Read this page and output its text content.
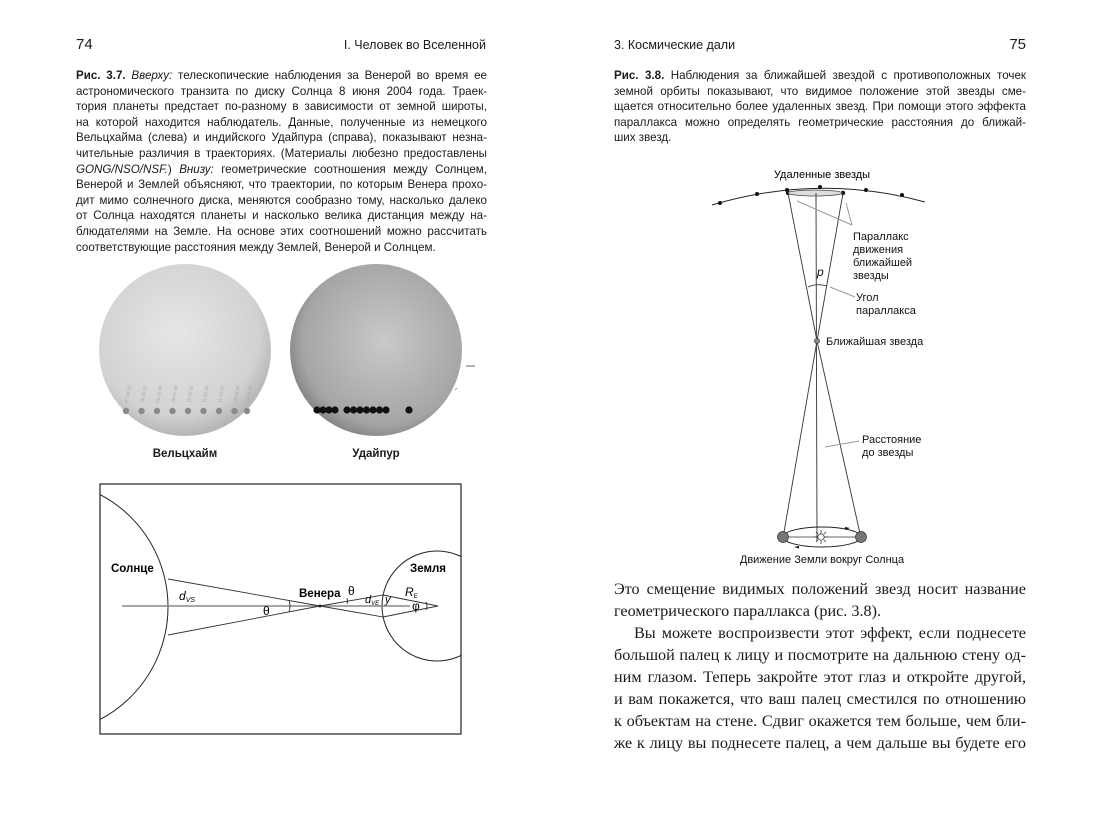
74	I. Человек во Вселенной
Рис. 3.7. Вверху: телескопические наблюдения за Венерой во время ее
астрономического транзита по диску Солнца 8 июня 2004 года. Траек-
тория планеты предстает по-разному в зависимости от земной широты,
на которой находится наблюдатель. Данные, полученные из немецкого
Вельцхайма (слева) и индийского Удайпура (справа), показывают незна-
чительные различия в траекториях. (Материалы любезно предоставлены
GONG/NSO/NSF.) Внизу: геометрические соотношения между Солнцем,
Венерой и Землей объясняют, что траектории, по которым Венера прохо-
дит мимо солнечного диска, меняются сообразно тому, насколько далеко
от Солнца находятся планеты и насколько велика дистанция между на-
блюдателями на Земле. На основе этих соотношений можно рассчитать
соответствующие расстояния между Землей, Венерой и Солнцем.
07:39:10 08:20:41 09:00:45 09:41:40 10:22:35 11:03:39 11:43:43 12:25:46 13:04:00
Вельцхайм	Удайпур
Солнце	Земля
Венера
dVS
θ
θ
dVE y
RE
φ
Удаленные звезды
Параллакс
движения
ближайшей
звезды
p
Угол
параллакса
Ближайшая звезда
Расстояние
до звезды
Движение Земли вокруг Солнца
3. Космические дали	75
Рис. 3.8. Наблюдения за ближайшей звездой с противоположных точек
земной орбиты показывают, что видимое положение этой звезды сме-
щается относительно более удаленных звезд. При помощи этого эффекта
параллакса можно определять геометрические расстояния до ближай-
ших звезд.
Это смещение видимых положений звезд носит название
геометрического параллакса (рис. 3.8).
Вы можете воспроизвести этот эффект, если поднесете
большой палец к лицу и посмотрите на дальнюю стену од-
ним глазом. Теперь закройте этот глаз и откройте другой,
и вам покажется, что ваш палец сместился по отношению
к объектам на стене. Сдвиг окажется тем больше, чем бли-
же к лицу вы поднесете палец, а чем дальше вы будете его
